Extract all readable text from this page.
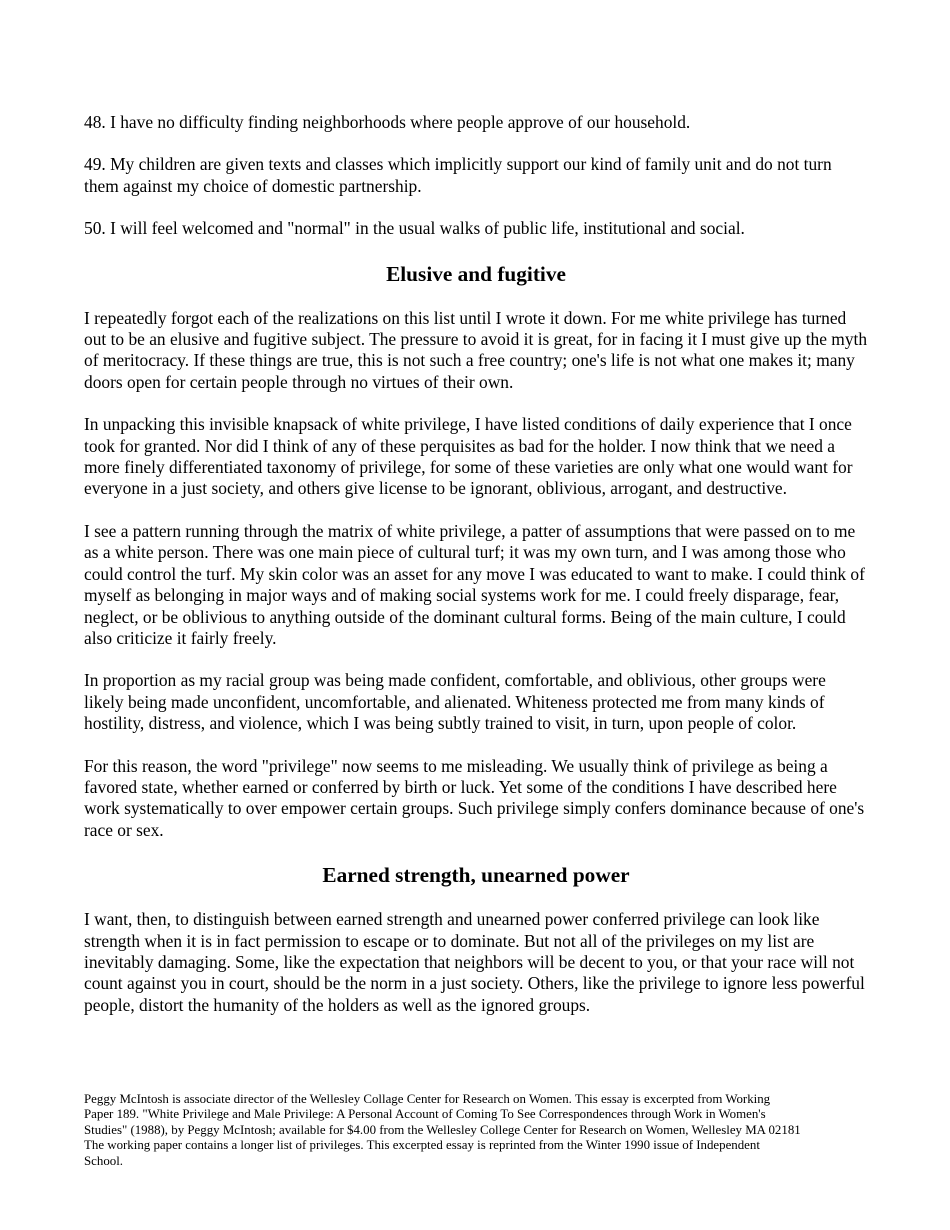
48. I have no difficulty finding neighborhoods where people approve of our household.

49. My children are given texts and classes which implicitly support our kind of family unit and do not turn them against my choice of domestic partnership.

50. I will feel welcomed and "normal" in the usual walks of public life, institutional and social.

Elusive and fugitive

I repeatedly forgot each of the realizations on this list until I wrote it down. For me white privilege has turned out to be an elusive and fugitive subject. The pressure to avoid it is great, for in facing it I must give up the myth of meritocracy. If these things are true, this is not such a free country; one's life is not what one makes it; many doors open for certain people through no virtues of their own.

In unpacking this invisible knapsack of white privilege, I have listed conditions of daily experience that I once took for granted. Nor did I think of any of these perquisites as bad for the holder. I now think that we need a more finely differentiated taxonomy of privilege, for some of these varieties are only what one would want for everyone in a just society, and others give license to be ignorant, oblivious, arrogant, and destructive.

I see a pattern running through the matrix of white privilege, a patter of assumptions that were passed on to me as a white person. There was one main piece of cultural turf; it was my own turn, and I was among those who could control the turf. My skin color was an asset for any move I was educated to want to make. I could think of myself as belonging in major ways and of making social systems work for me. I could freely disparage, fear, neglect, or be oblivious to anything outside of the dominant cultural forms. Being of the main culture, I could also criticize it fairly freely.

In proportion as my racial group was being made confident, comfortable, and oblivious, other groups were likely being made unconfident, uncomfortable, and alienated. Whiteness protected me from many kinds of hostility, distress, and violence, which I was being subtly trained to visit, in turn, upon people of color.

For this reason, the word "privilege" now seems to me misleading. We usually think of privilege as being a favored state, whether earned or conferred by birth or luck. Yet some of the conditions I have described here work systematically to over empower certain groups. Such privilege simply confers dominance because of one's race or sex.

Earned strength, unearned power

I want, then, to distinguish between earned strength and unearned power conferred privilege can look like strength when it is in fact permission to escape or to dominate. But not all of the privileges on my list are inevitably damaging. Some, like the expectation that neighbors will be decent to you, or that your race will not count against you in court, should be the norm in a just society. Others, like the privilege to ignore less powerful people, distort the humanity of the holders as well as the ignored groups.

Peggy McIntosh is associate director of the Wellesley Collage Center for Research on Women. This essay is excerpted from Working
Paper 189. "White Privilege and Male Privilege: A Personal Account of Coming To See Correspondences through Work in Women's
Studies" (1988), by Peggy McIntosh; available for $4.00 from the Wellesley College Center for Research on Women, Wellesley MA 02181
The working paper contains a longer list of privileges. This excerpted essay is reprinted from the Winter 1990 issue of Independent
School.
